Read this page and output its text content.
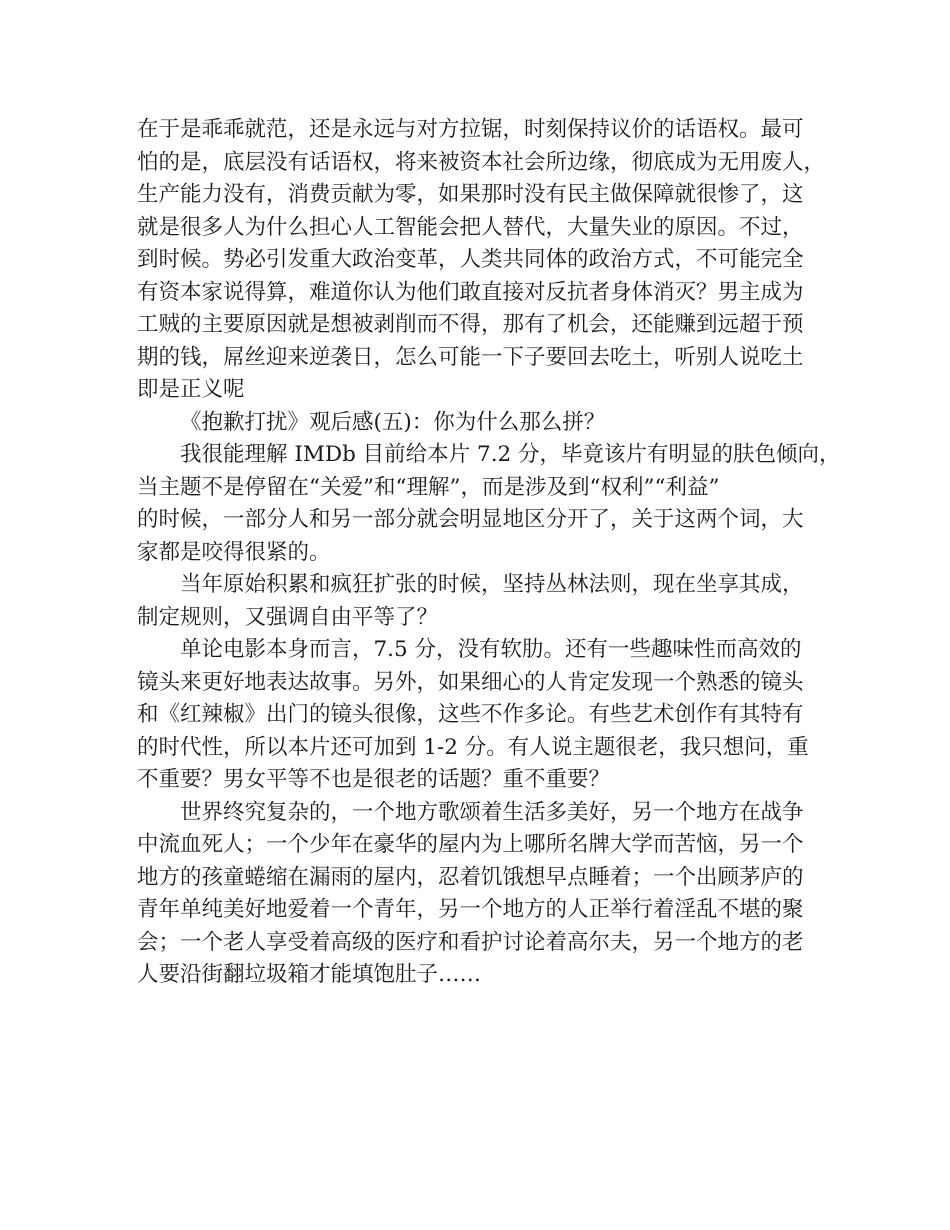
在于是乖乖就范，还是永远与对方拉锯，时刻保持议价的话语权。最可
怕的是，底层没有话语权，将来被资本社会所边缘，彻底成为无用废人，
生产能力没有，消费贡献为零，如果那时没有民主做保障就很惨了，这
就是很多人为什么担心人工智能会把人替代，大量失业的原因。不过，
到时候。势必引发重大政治变革，人类共同体的政治方式，不可能完全
有资本家说得算，难道你认为他们敢直接对反抗者身体消灭？男主成为
工贼的主要原因就是想被剥削而不得，那有了机会，还能赚到远超于预
期的钱，屌丝迎来逆袭日，怎么可能一下子要回去吃土，听别人说吃土
即是正义呢
《抱歉打扰》观后感(五)：你为什么那么拼？
我很能理解 IMDb 目前给本片 7.2 分，毕竟该片有明显的肤色倾向，
当主题不是停留在“关爱”和“理解”，而是涉及到“权利”“利益”
的时候，一部分人和另一部分就会明显地区分开了，关于这两个词，大
家都是咬得很紧的。
当年原始积累和疯狂扩张的时候，坚持丛林法则，现在坐享其成，
制定规则，又强调自由平等了？
单论电影本身而言，7.5 分，没有软肋。还有一些趣味性而高效的
镜头来更好地表达故事。另外，如果细心的人肯定发现一个熟悉的镜头
和《红辣椒》出门的镜头很像，这些不作多论。有些艺术创作有其特有
的时代性，所以本片还可加到 1-2 分。有人说主题很老，我只想问，重
不重要？男女平等不也是很老的话题？重不重要？
世界终究复杂的，一个地方歌颂着生活多美好，另一个地方在战争
中流血死人；一个少年在豪华的屋内为上哪所名牌大学而苦恼，另一个
地方的孩童蜷缩在漏雨的屋内，忍着饥饿想早点睡着；一个出顾茅庐的
青年单纯美好地爱着一个青年，另一个地方的人正举行着淫乱不堪的聚
会；一个老人享受着高级的医疗和看护讨论着高尔夫，另一个地方的老
人要沿街翻垃圾箱才能填饱肚子……
